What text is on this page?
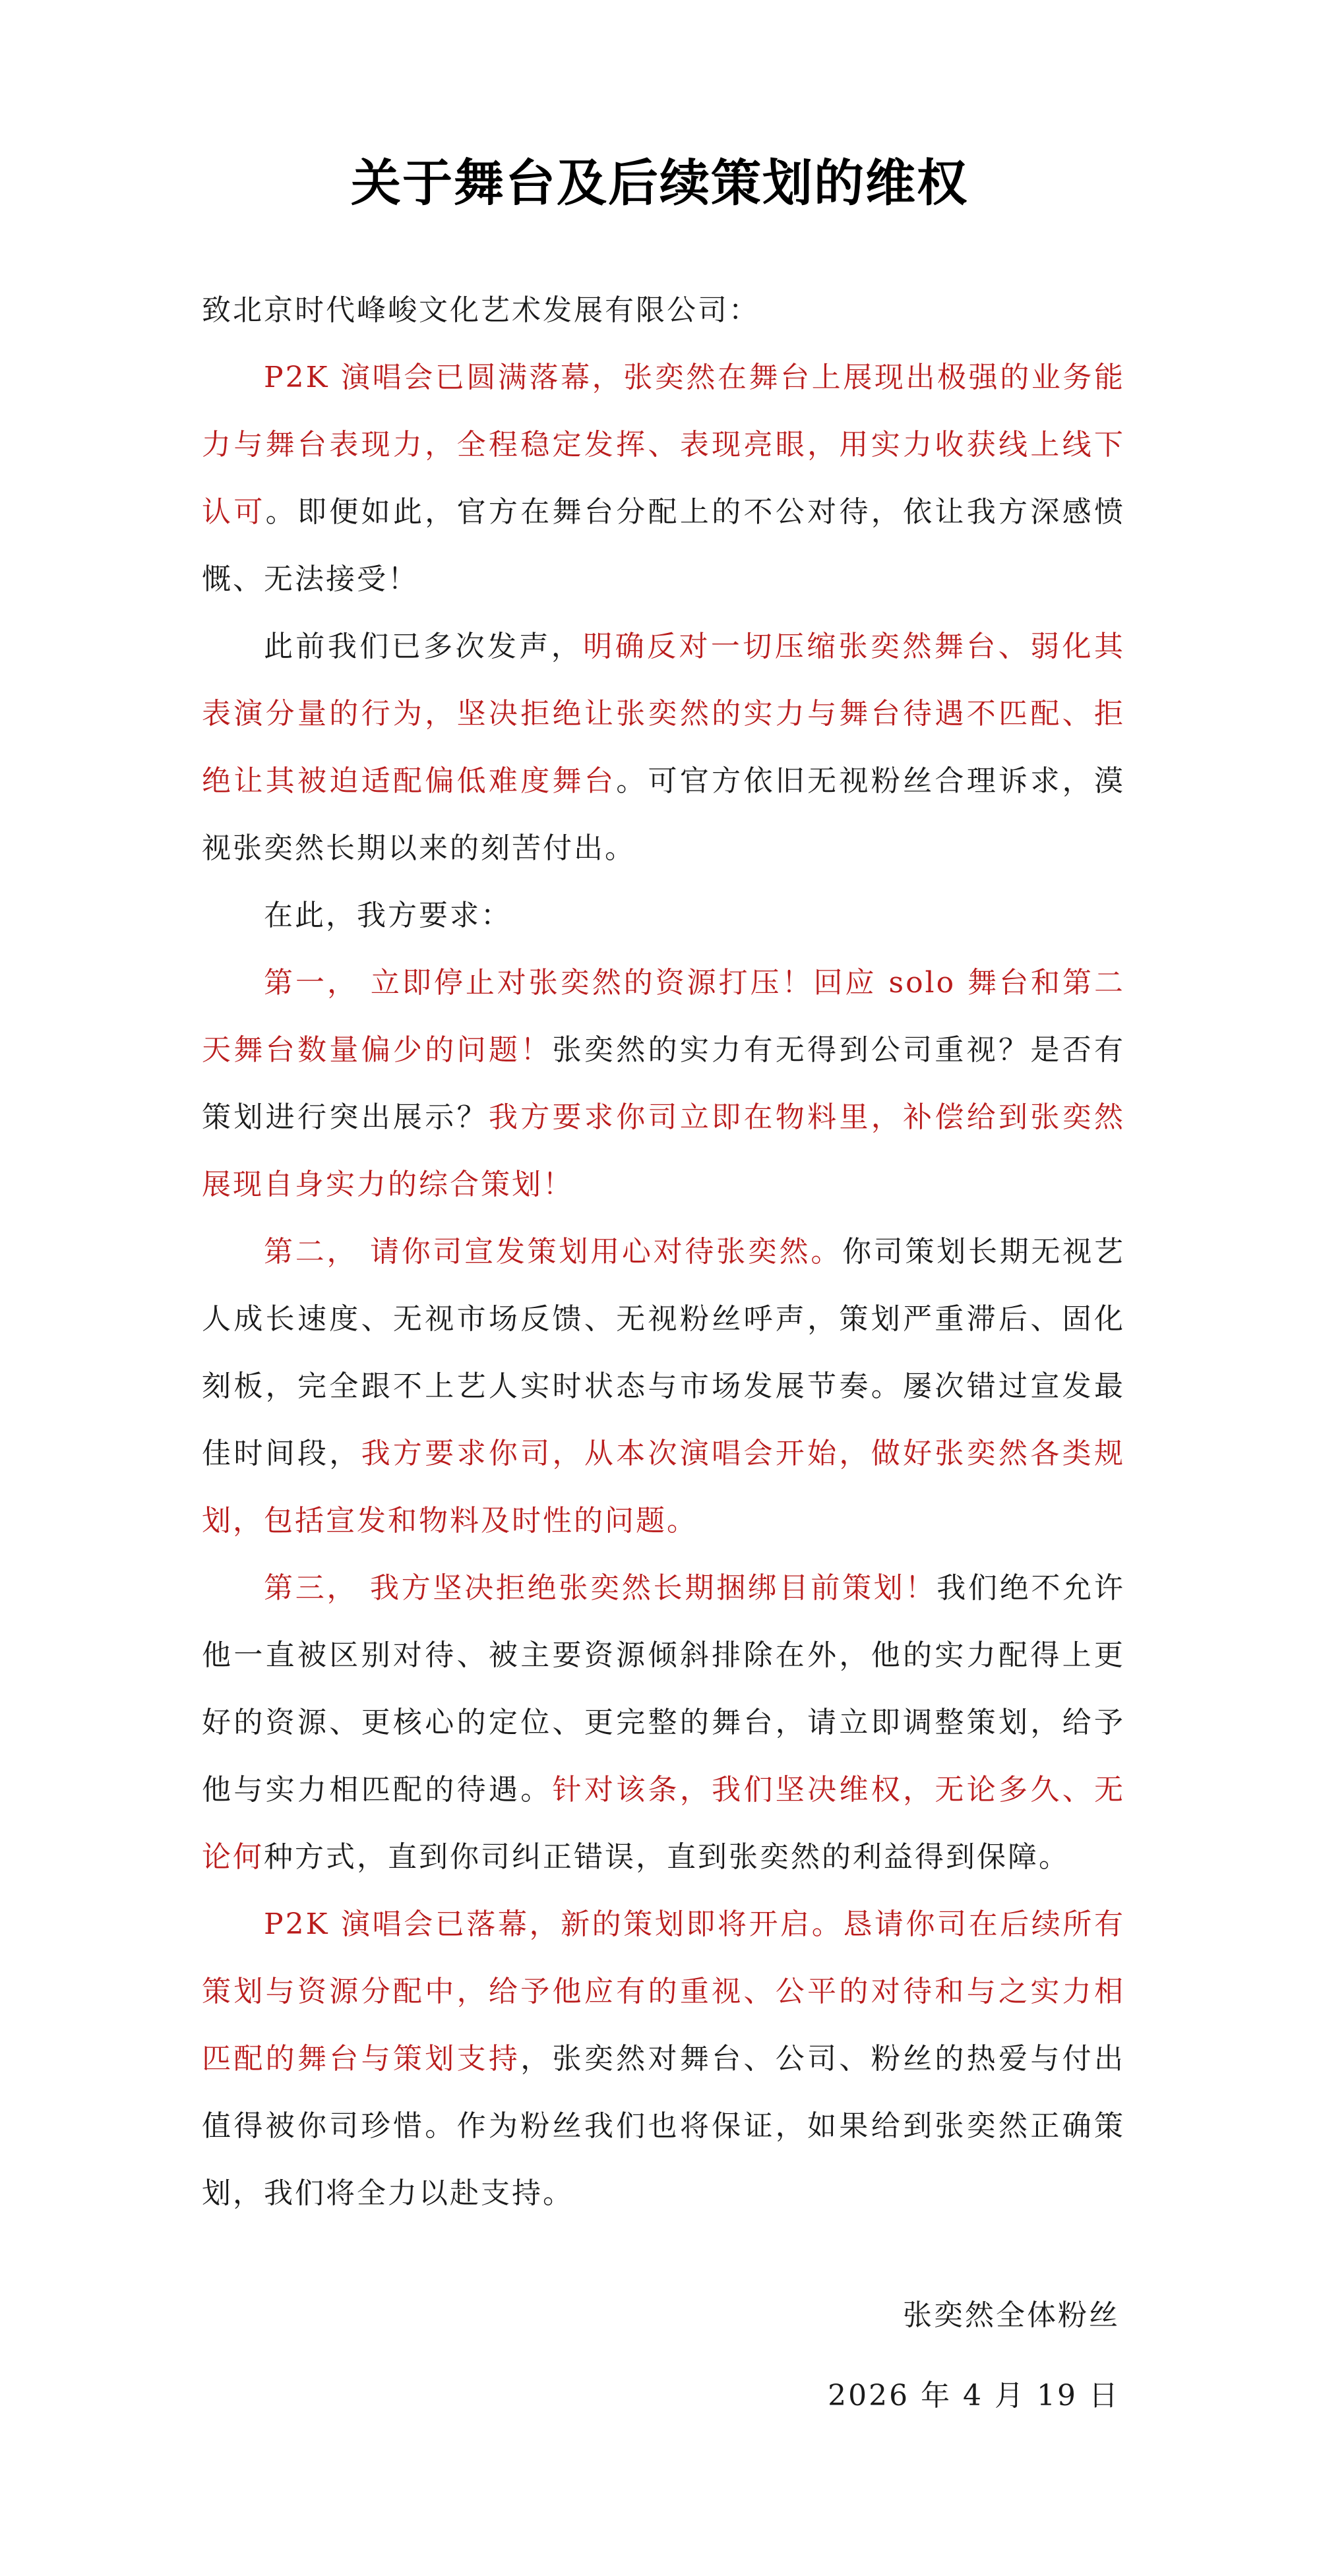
关于舞台及后续策划的维权

致北京时代峰峻文化艺术发展有限公司：

P2K 演唱会已圆满落幕，张奕然在舞台上展现出极强的业务能力与舞台表现力，全程稳定发挥、表现亮眼，用实力收获线上线下认可。即便如此，官方在舞台分配上的不公对待，依让我方深感愤慨、无法接受！

此前我们已多次发声，明确反对一切压缩张奕然舞台、弱化其表演分量的行为，坚决拒绝让张奕然的实力与舞台待遇不匹配、拒绝让其被迫适配偏低难度舞台。可官方依旧无视粉丝合理诉求，漠视张奕然长期以来的刻苦付出。

在此，我方要求：

第一， 立即停止对张奕然的资源打压！回应 solo 舞台和第二天舞台数量偏少的问题！张奕然的实力有无得到公司重视？是否有策划进行突出展示？我方要求你司立即在物料里，补偿给到张奕然展现自身实力的综合策划！

第二， 请你司宣发策划用心对待张奕然。你司策划长期无视艺人成长速度、无视市场反馈、无视粉丝呼声，策划严重滞后、固化刻板，完全跟不上艺人实时状态与市场发展节奏。屡次错过宣发最佳时间段，我方要求你司，从本次演唱会开始，做好张奕然各类规划，包括宣发和物料及时性的问题。

第三， 我方坚决拒绝张奕然长期捆绑目前策划！我们绝不允许他一直被区别对待、被主要资源倾斜排除在外，他的实力配得上更好的资源、更核心的定位、更完整的舞台，请立即调整策划，给予他与实力相匹配的待遇。针对该条，我们坚决维权，无论多久、无论何种方式，直到你司纠正错误，直到张奕然的利益得到保障。

P2K 演唱会已落幕，新的策划即将开启。恳请你司在后续所有策划与资源分配中，给予他应有的重视、公平的对待和与之实力相匹配的舞台与策划支持，张奕然对舞台、公司、粉丝的热爱与付出值得被你司珍惜。作为粉丝我们也将保证，如果给到张奕然正确策划，我们将全力以赴支持。

张奕然全体粉丝
2026 年 4 月 19 日
